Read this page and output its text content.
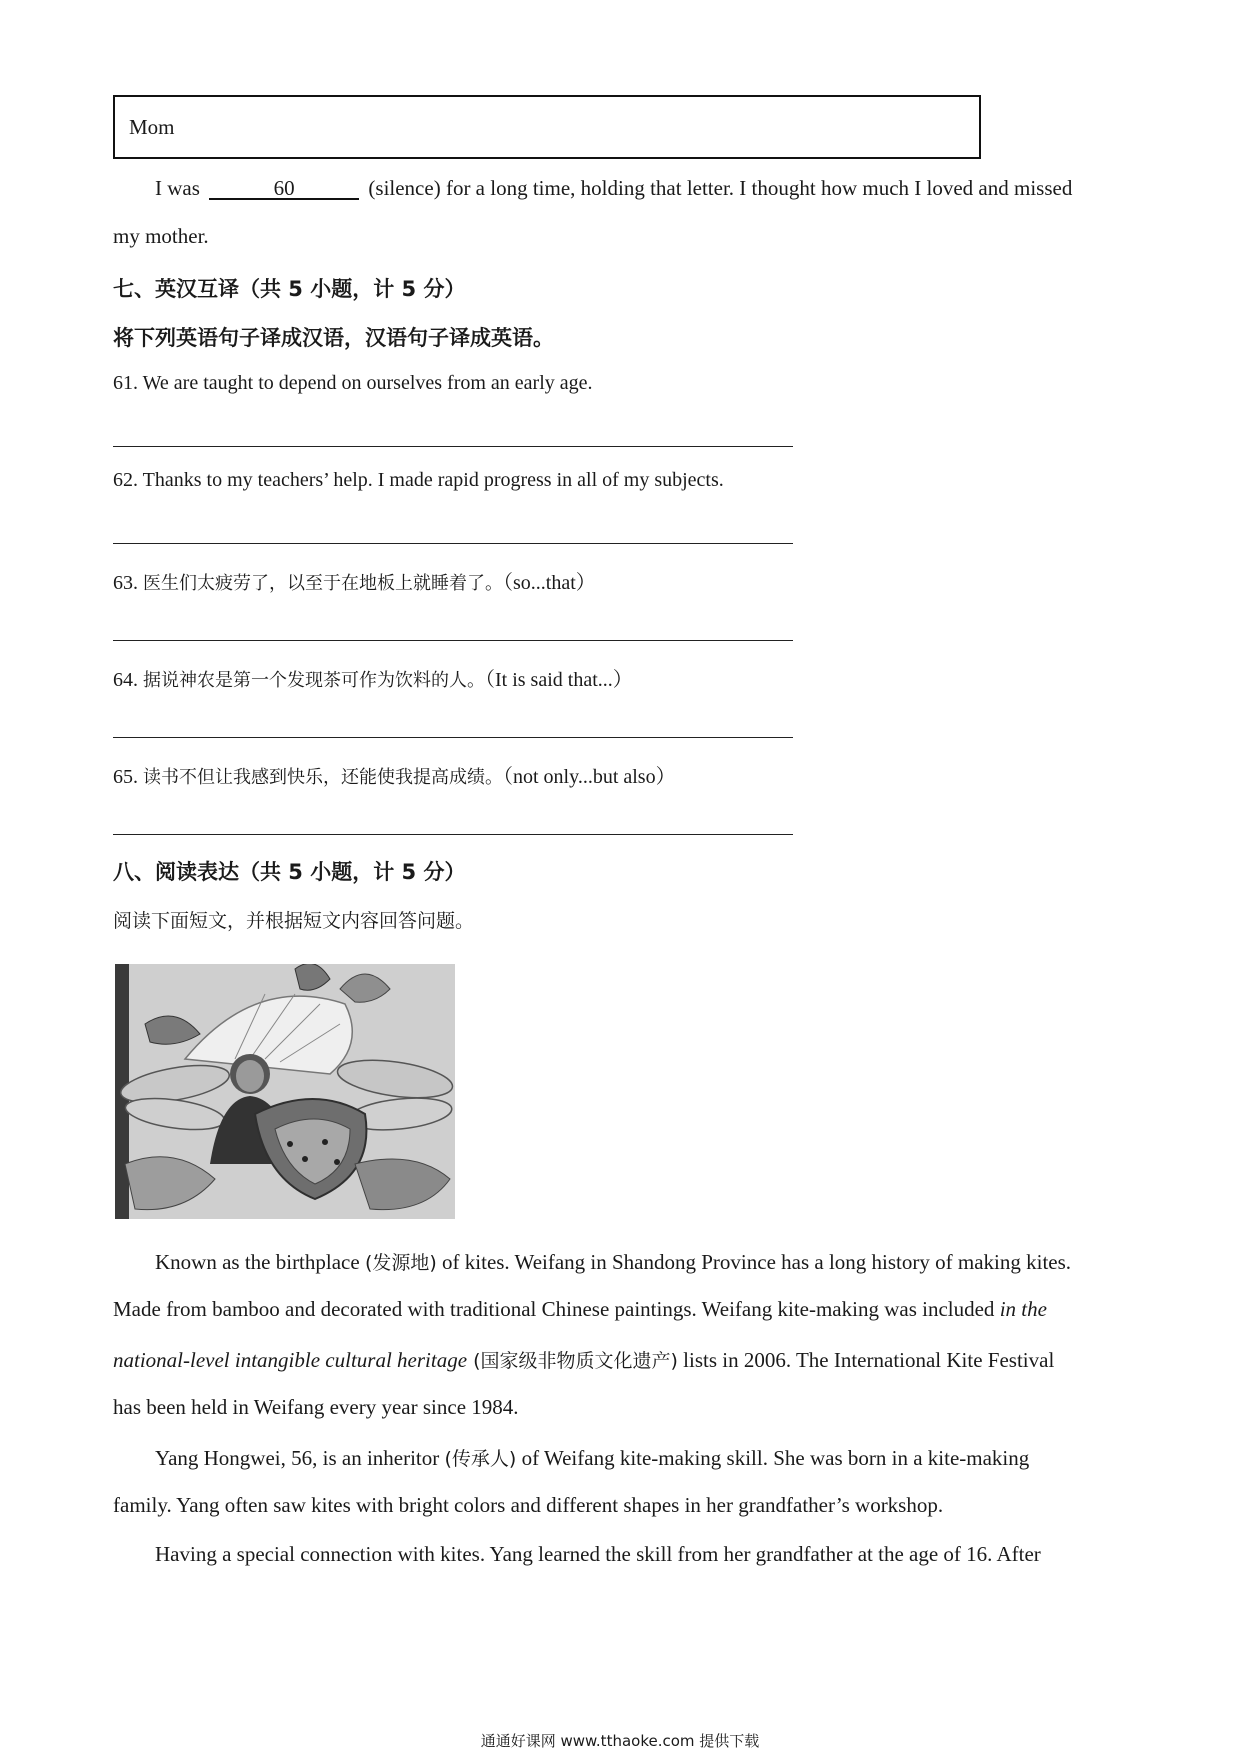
Mom
I was	60	(silence) for a long time, holding that letter. I thought how much I loved and missed
my mother.
七、英汉互译（共 5 小题，计 5 分）
将下列英语句子译成汉语，汉语句子译成英语。
61. We are taught to depend on ourselves from an early age.
62. Thanks to my teachers’ help. I made rapid progress in all of my subjects.
63. 医生们太疲劳了，以至于在地板上就睡着了。（so...that）
64. 据说神农是第一个发现茶可作为饮料的人。（It is said that...）
65. 读书不但让我感到快乐，还能使我提高成绩。（not only...but also）
八、阅读表达（共 5 小题，计 5 分）
阅读下面短文，并根据短文内容回答问题。
Known as the birthplace (发源地) of kites. Weifang in Shandong Province has a long history of making kites.
Made from bamboo and decorated with traditional Chinese paintings. Weifang kite-making was included in the
national-level intangible cultural heritage (国家级非物质文化遗产) lists in 2006. The International Kite Festival
has been held in Weifang every year since 1984.
Yang Hongwei, 56, is an inheritor (传承人) of Weifang kite-making skill. She was born in a kite-making
family. Yang often saw kites with bright colors and different shapes in her grandfather’s workshop.
Having a special connection with kites. Yang learned the skill from her grandfather at the age of 16. After
通通好课网 www.tthaoke.com 提供下载
